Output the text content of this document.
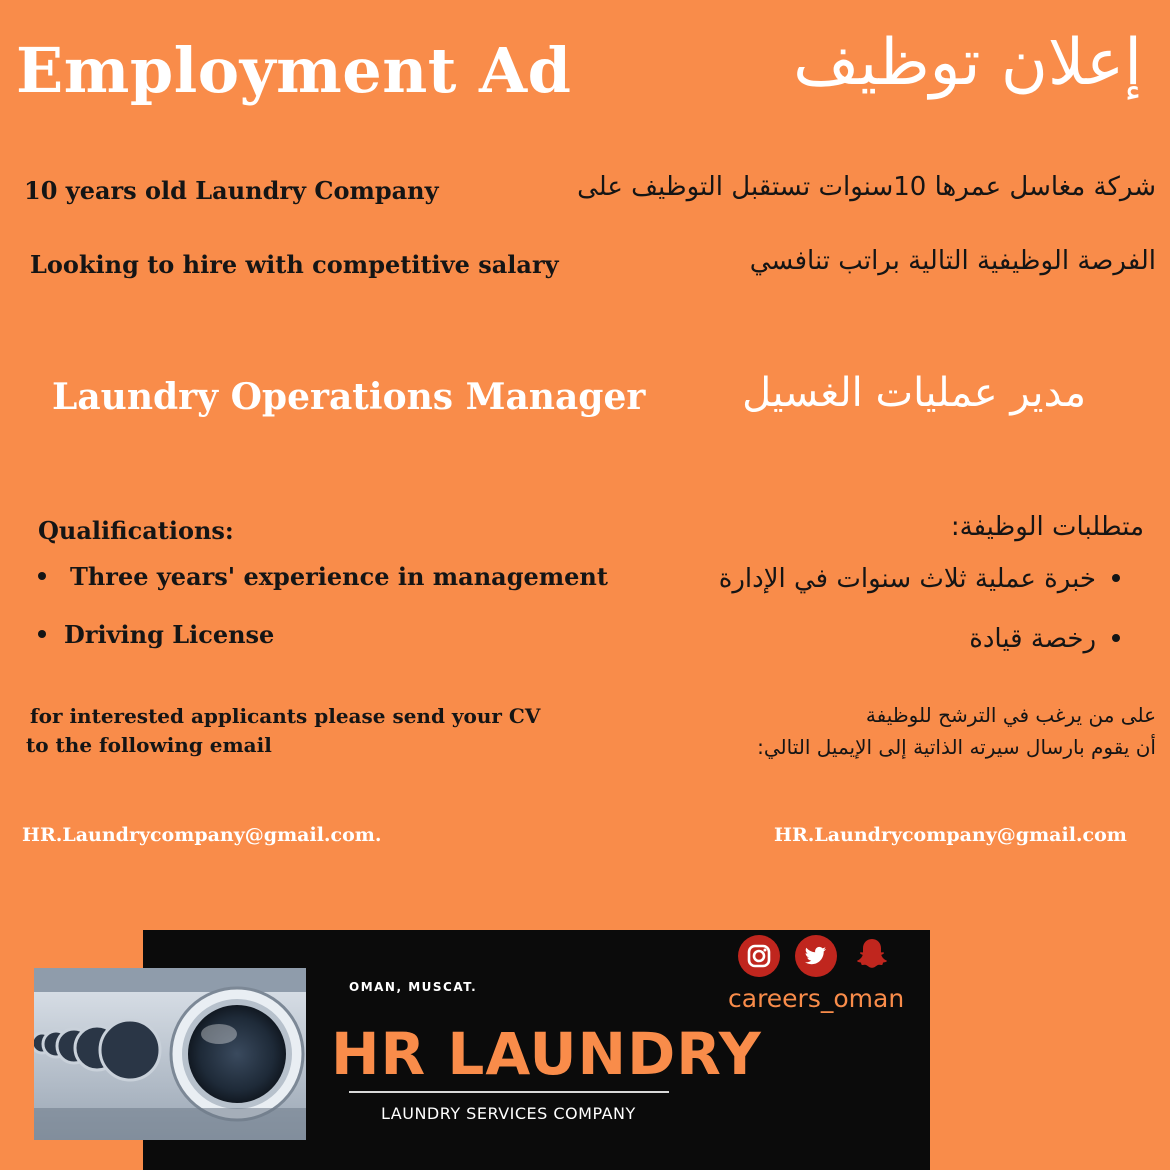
Employment Ad	إعلان توظيف
10 years old Laundry Company
Looking to hire with competitive salary
شركة مغاسل عمرها 10سنوات تستقبل التوظيف على
الفرصة الوظيفية التالية براتب تنافسي
Laundry Operations Manager مدير عمليات الغسيل
Qualifications:	متطلبات الوظيفة:
Three years' experience in management
Driving License
خبرة عملية ثلاث سنوات في الإدارة
رخصة قيادة
for interested applicants please send your CV
to the following email
على من يرغب في الترشح للوظيفة
أن يقوم بارسال سيرته الذاتية إلى الإيميل التالي:
HR.Laundrycompany@gmail.com.	HR.Laundrycompany@gmail.com
OMAN, MUSCAT.
HR LAUNDRY
LAUNDRY SERVICES COMPANY
careers_oman
